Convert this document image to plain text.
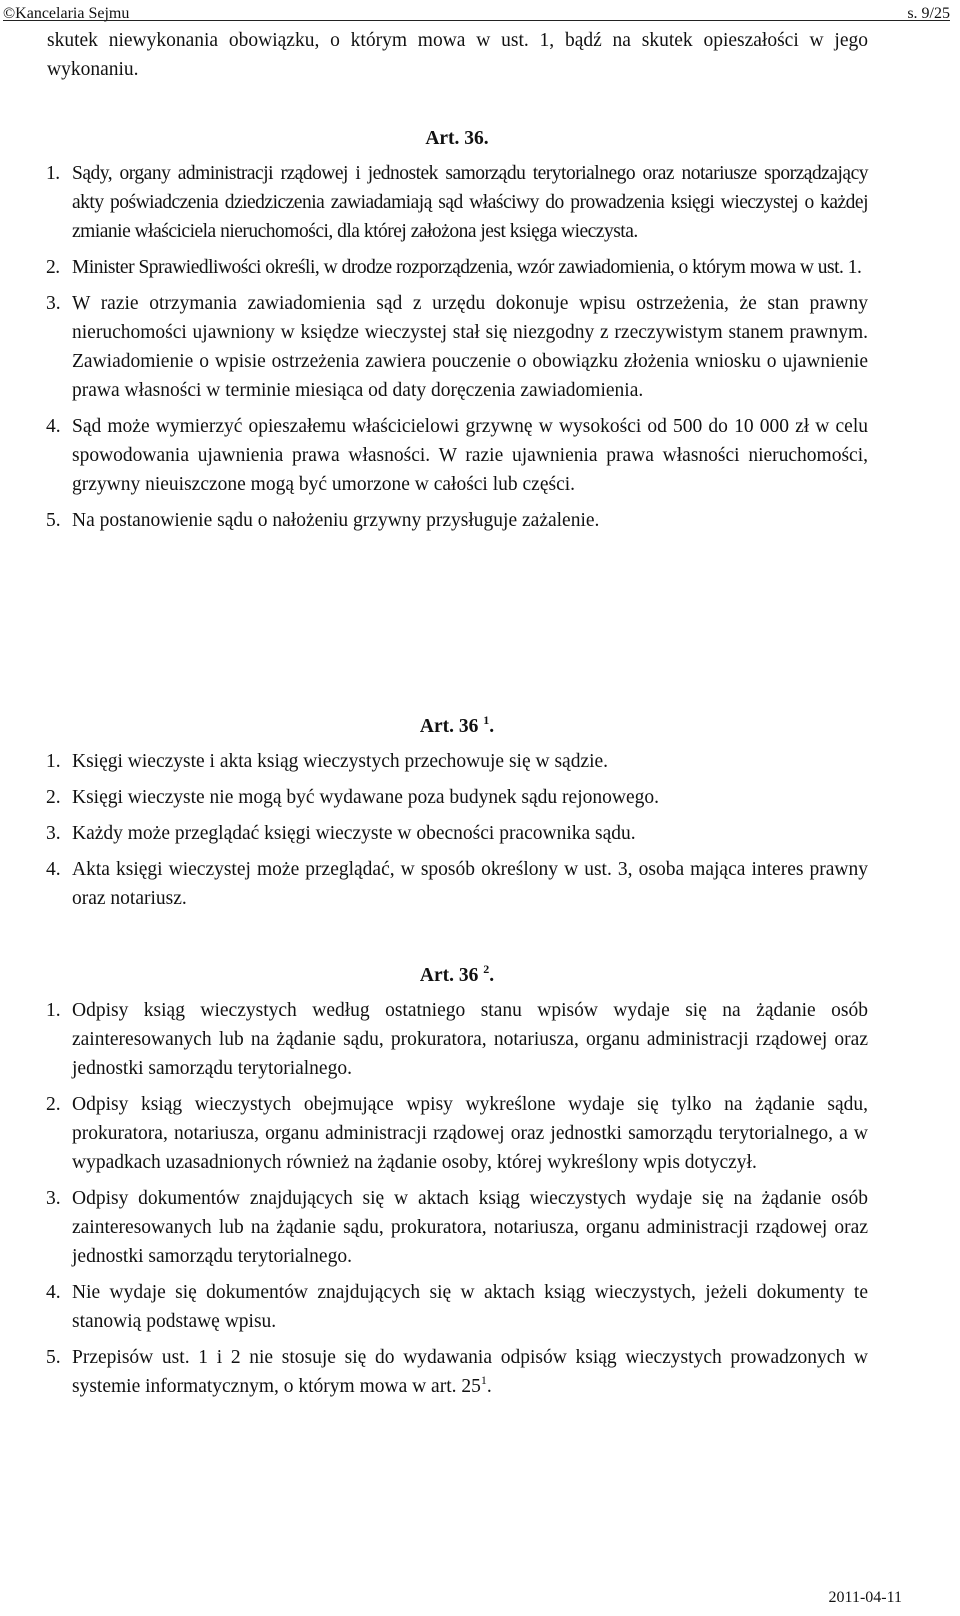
©Kancelaria Sejmu	s. 9/25
skutek niewykonania obowiązku, o którym mowa w ust. 1, bądź na skutek opieszałości w jego wykonaniu.
Art. 36.
1. Sądy, organy administracji rządowej i jednostek samorządu terytorialnego oraz notariusze sporządzający akty poświadczenia dziedziczenia zawiadamiają sąd właściwy do prowadzenia księgi wieczystej o każdej zmianie właściciela nieruchomości, dla której założona jest księga wieczysta.
2. Minister Sprawiedliwości określi, w drodze rozporządzenia, wzór zawiadomienia, o którym mowa w ust. 1.
3. W razie otrzymania zawiadomienia sąd z urzędu dokonuje wpisu ostrzeżenia, że stan prawny nieruchomości ujawniony w księdze wieczystej stał się niezgodny z rzeczywistym stanem prawnym. Zawiadomienie o wpisie ostrzeżenia zawiera pouczenie o obowiązku złożenia wniosku o ujawnienie prawa własności w terminie miesiąca od daty doręczenia zawiadomienia.
4. Sąd może wymierzyć opieszałemu właścicielowi grzywnę w wysokości od 500 do 10 000 zł w celu spowodowania ujawnienia prawa własności. W razie ujawnienia prawa własności nieruchomości, grzywny nieuiszczone mogą być umorzone w całości lub części.
5. Na postanowienie sądu o nałożeniu grzywny przysługuje zażalenie.
Art. 36 $^1$.
1. Księgi wieczyste i akta ksiąg wieczystych przechowuje się w sądzie.
2. Księgi wieczyste nie mogą być wydawane poza budynek sądu rejonowego.
3. Każdy może przeglądać księgi wieczyste w obecności pracownika sądu.
4. Akta księgi wieczystej może przeglądać, w sposób określony w ust. 3, osoba mająca interes prawny oraz notariusz.
Art. 36 $^2$.
1. Odpisy ksiąg wieczystych według ostatniego stanu wpisów wydaje się na żądanie osób zainteresowanych lub na żądanie sądu, prokuratora, notariusza, organu administracji rządowej oraz jednostki samorządu terytorialnego.
2. Odpisy ksiąg wieczystych obejmujące wpisy wykreślone wydaje się tylko na żądanie sądu, prokuratora, notariusza, organu administracji rządowej oraz jednostki samorządu terytorialnego, a w wypadkach uzasadnionych również na żądanie osoby, której wykreślony wpis dotyczył.
3. Odpisy dokumentów znajdujących się w aktach ksiąg wieczystych wydaje się na żądanie osób zainteresowanych lub na żądanie sądu, prokuratora, notariusza, organu administracji rządowej oraz jednostki samorządu terytorialnego.
4. Nie wydaje się dokumentów znajdujących się w aktach ksiąg wieczystych, jeżeli dokumenty te stanowią podstawę wpisu.
5. Przepisów ust. 1 i 2 nie stosuje się do wydawania odpisów ksiąg wieczystych prowadzonych w systemie informatycznym, o którym mowa w art. 25$^1$.
2011-04-11
